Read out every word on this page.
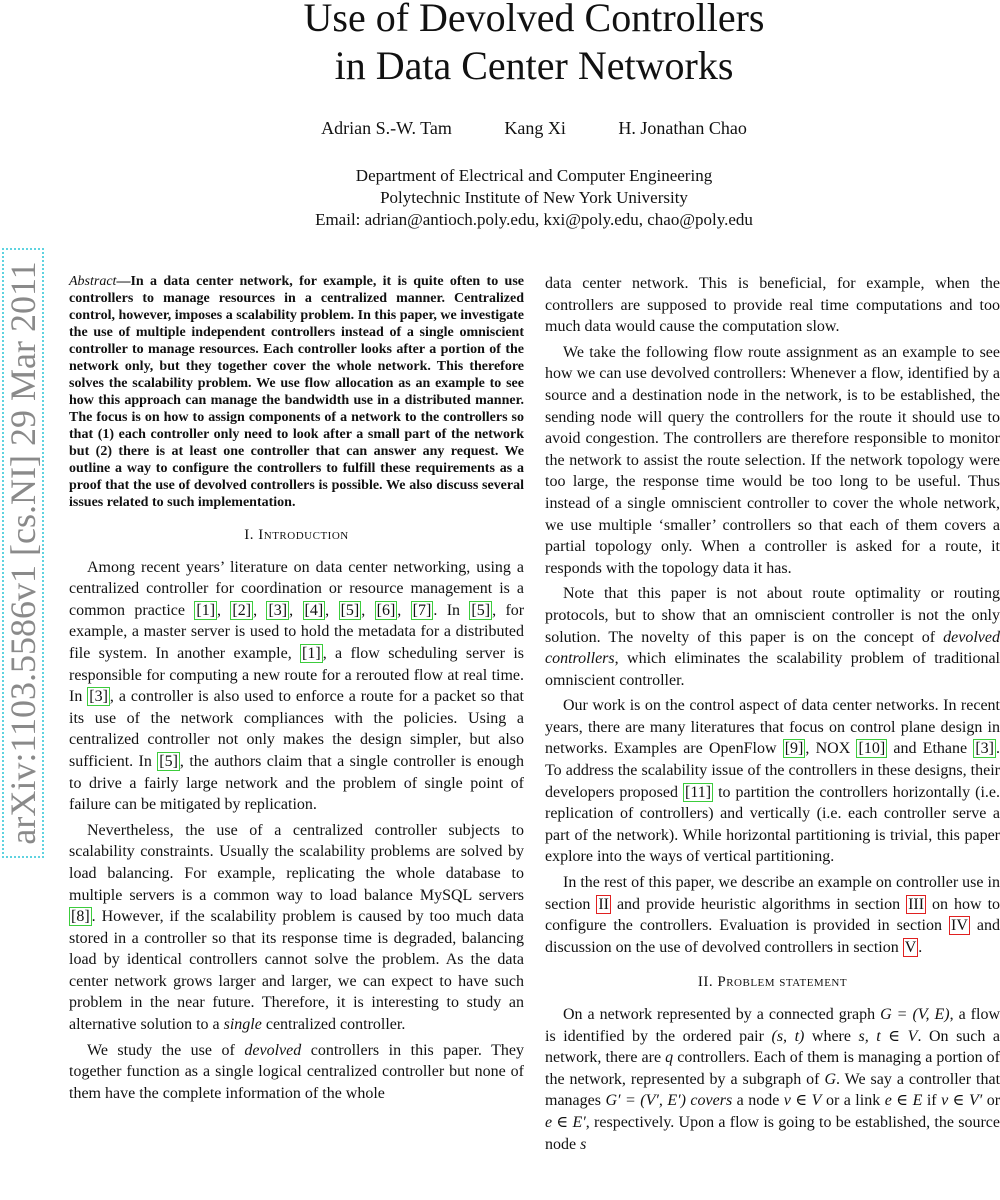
Use of Devolved Controllers
in Data Center Networks
Adrian S.-W. Tam	Kang Xi	H. Jonathan Chao
Department of Electrical and Computer Engineering
Polytechnic Institute of New York University
Email: adrian@antioch.poly.edu, kxi@poly.edu, chao@poly.edu
arXiv:1103.5586v1 [cs.NI] 29 Mar 2011 Abstract—In a data center network, for example, it is quite often to use controllers to manage resources in a centralized manner. Centralized control, however, imposes a scalability problem. In this paper, we investigate the use of multiple independent controllers instead of a single omniscient controller to manage resources. Each controller looks after a portion of the network only, but they together cover the whole network. This therefore solves the scalability problem. We use flow allocation as an example to see how this approach can manage the bandwidth use in a distributed manner. The focus is on how to assign components of a network to the controllers so that (1) each controller only need to look after a small part of the network but (2) there is at least one controller that can answer any request. We outline a way to configure the controllers to fulfill these requirements as a proof that the use of devolved controllers is possible. We also discuss several issues related to such implementation.
I. Introduction

Among recent years’ literature on data center networking, using a centralized controller for coordination or resource management is a common practice [1] , [2] , [3] , [4] , [5] , [6] , [7] . In [5] , for example, a master server is used to hold the metadata for a distributed file system. In another example, [1] , a flow scheduling server is responsible for computing a new route for a rerouted flow at real time. In [3] , a controller is also used to enforce a route for a packet so that its use of the network compliances with the policies. Using a centralized controller not only makes the design simpler, but also sufficient. In [5] , the authors claim that a single controller is enough to drive a fairly large network and the problem of single point of failure can be mitigated by replication.

Nevertheless, the use of a centralized controller subjects to scalability constraints. Usually the scalability problems are solved by load balancing. For example, replicating the whole database to multiple servers is a common way to load balance MySQL servers [8] . However, if the scalability problem is caused by too much data stored in a controller so that its response time is degraded, balancing load by identical controllers cannot solve the problem. As the data center network grows larger and larger, we can expect to have such problem in the near future. Therefore, it is interesting to study an alternative solution to a single centralized controller.

We study the use of devolved controllers in this paper. They together function as a single logical centralized controller but none of them have the complete information of the whole

data center network. This is beneficial, for example, when the controllers are supposed to provide real time computations and too much data would cause the computation slow.

We take the following flow route assignment as an example to see how we can use devolved controllers: Whenever a flow, identified by a source and a destination node in the network, is to be established, the sending node will query the controllers for the route it should use to avoid congestion. The controllers are therefore responsible to monitor the network to assist the route selection. If the network topology were too large, the response time would be too long to be useful. Thus instead of a single omniscient controller to cover the whole network, we use multiple ‘smaller’ controllers so that each of them covers a partial topology only. When a controller is asked for a route, it responds with the topology data it has.

Note that this paper is not about route optimality or routing protocols, but to show that an omniscient controller is not the only solution. The novelty of this paper is on the concept of devolved controllers, which eliminates the scalability problem of traditional omniscient controller.

Our work is on the control aspect of data center networks. In recent years, there are many literatures that focus on control plane design in networks. Examples are OpenFlow [9] , NOX [10] and Ethane [3] . To address the scalability issue of the controllers in these designs, their developers proposed [11] to partition the controllers horizontally (i.e. replication of controllers) and vertically (i.e. each controller serve a part of the network). While horizontal partitioning is trivial, this paper explore into the ways of vertical partitioning.

In the rest of this paper, we describe an example on controller use in section II and provide heuristic algorithms in section III on how to configure the controllers. Evaluation is provided in section IV and discussion on the use of devolved controllers in section V .

II. Problem statement

On a network represented by a connected graph G = (V, E), a flow is identified by the ordered pair (s, t) where s, t ∈ V. On such a network, there are q controllers. Each of them is managing a portion of the network, represented by a subgraph of G. We say a controller that manages G′ = (V′, E′) covers a node v ∈ V or a link e ∈ E if v ∈ V′ or e ∈ E′, respectively. Upon a flow is going to be established, the source node s
